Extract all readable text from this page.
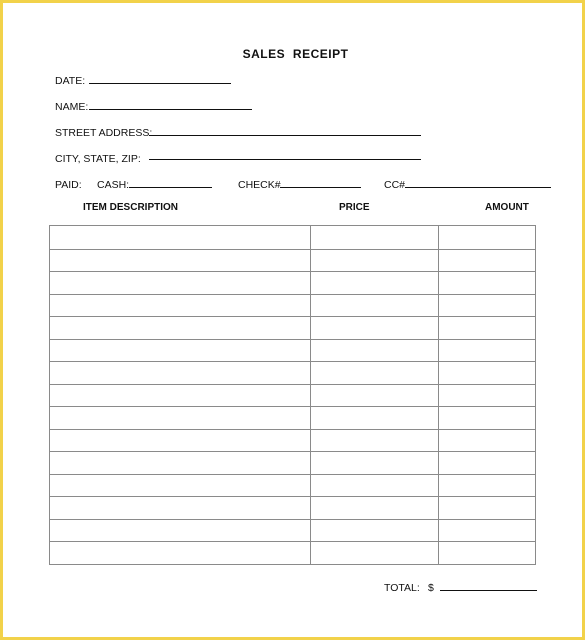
SALES RECEIPT
DATE:
NAME:
STREET ADDRESS:
CITY, STATE, ZIP:
PAID: CASH:	CHECK#	CC#
ITEM DESCRIPTION	PRICE	AMOUNT
TOTAL: $
